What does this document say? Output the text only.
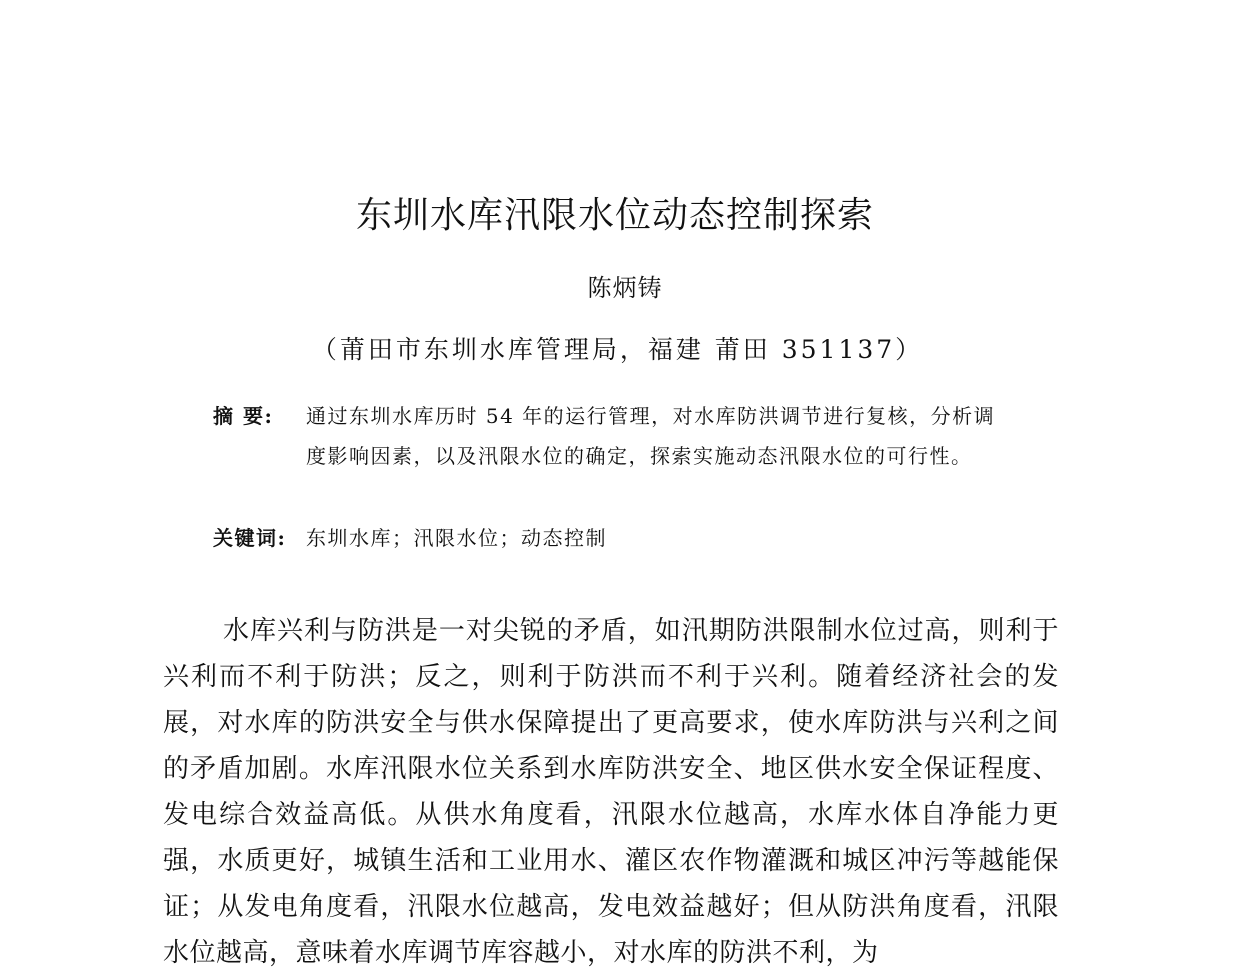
东圳水库汛限水位动态控制探索
陈炳铸
（莆田市东圳水库管理局，福建 莆田 351137）
摘 要:	通过东圳水库历时 54 年的运行管理，对水库防洪调节进行复核，分析调度影响因素，以及汛限水位的确定，探索实施动态汛限水位的可行性。
关键词: 东圳水库；汛限水位；动态控制
水库兴利与防洪是一对尖锐的矛盾，如汛期防洪限制水位过高，则利于兴利而不利于防洪；反之，则利于防洪而不利于兴利。随着经济社会的发展，对水库的防洪安全与供水保障提出了更高要求，使水库防洪与兴利之间的矛盾加剧。水库汛限水位关系到水库防洪安全、地区供水安全保证程度、发电综合效益高低。从供水角度看，汛限水位越高，水库水体自净能力更强，水质更好，城镇生活和工业用水、灌区农作物灌溉和城区冲污等越能保证；从发电角度看，汛限水位越高，发电效益越好；但从防洪角度看，汛限水位越高，意味着水库调节库容越小，对水库的防洪不利，为
